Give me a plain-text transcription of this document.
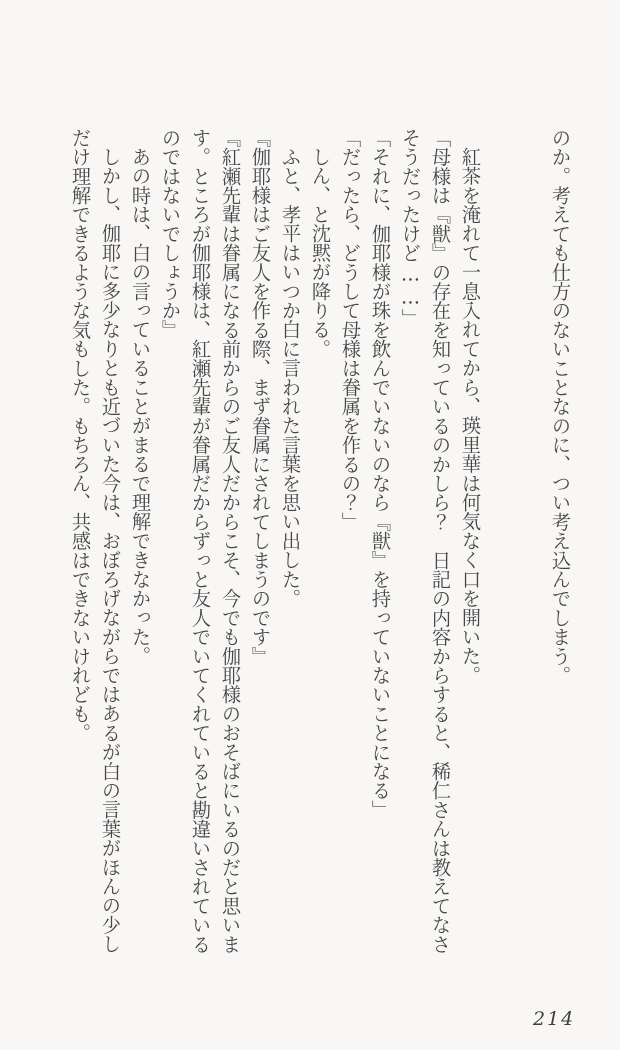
のか。考えても仕方のないことなのに、つい考え込んでしまう。

紅茶を淹れて一息入れてから、瑛里華は何気なく口を開いた。

「母様は『獣』の存在を知っているのかしら？　日記の内容からすると、稀仁さんは教えてなさそうだったけど……」

「それに、伽耶様が珠を飲んでいないのなら『獣』を持っていないことになる」

「だったら、どうして母様は眷属を作るの？」

しん、と沈黙が降りる。

ふと、孝平はいつか白に言われた言葉を思い出した。

『伽耶様はご友人を作る際、まず眷属にされてしまうのです』

『紅瀬先輩は眷属になる前からのご友人だからこそ、今でも伽耶様のおそばにいるのだと思います。ところが伽耶様は、紅瀬先輩が眷属だからずっと友人でいてくれていると勘違いされているのではないでしょうか』

あの時は、白の言っていることがまるで理解できなかった。

しかし、伽耶に多少なりとも近づいた今は、おぼろげながらではあるが白の言葉がほんの少しだけ理解できるような気もした。もちろん、共感はできないけれども。

214
